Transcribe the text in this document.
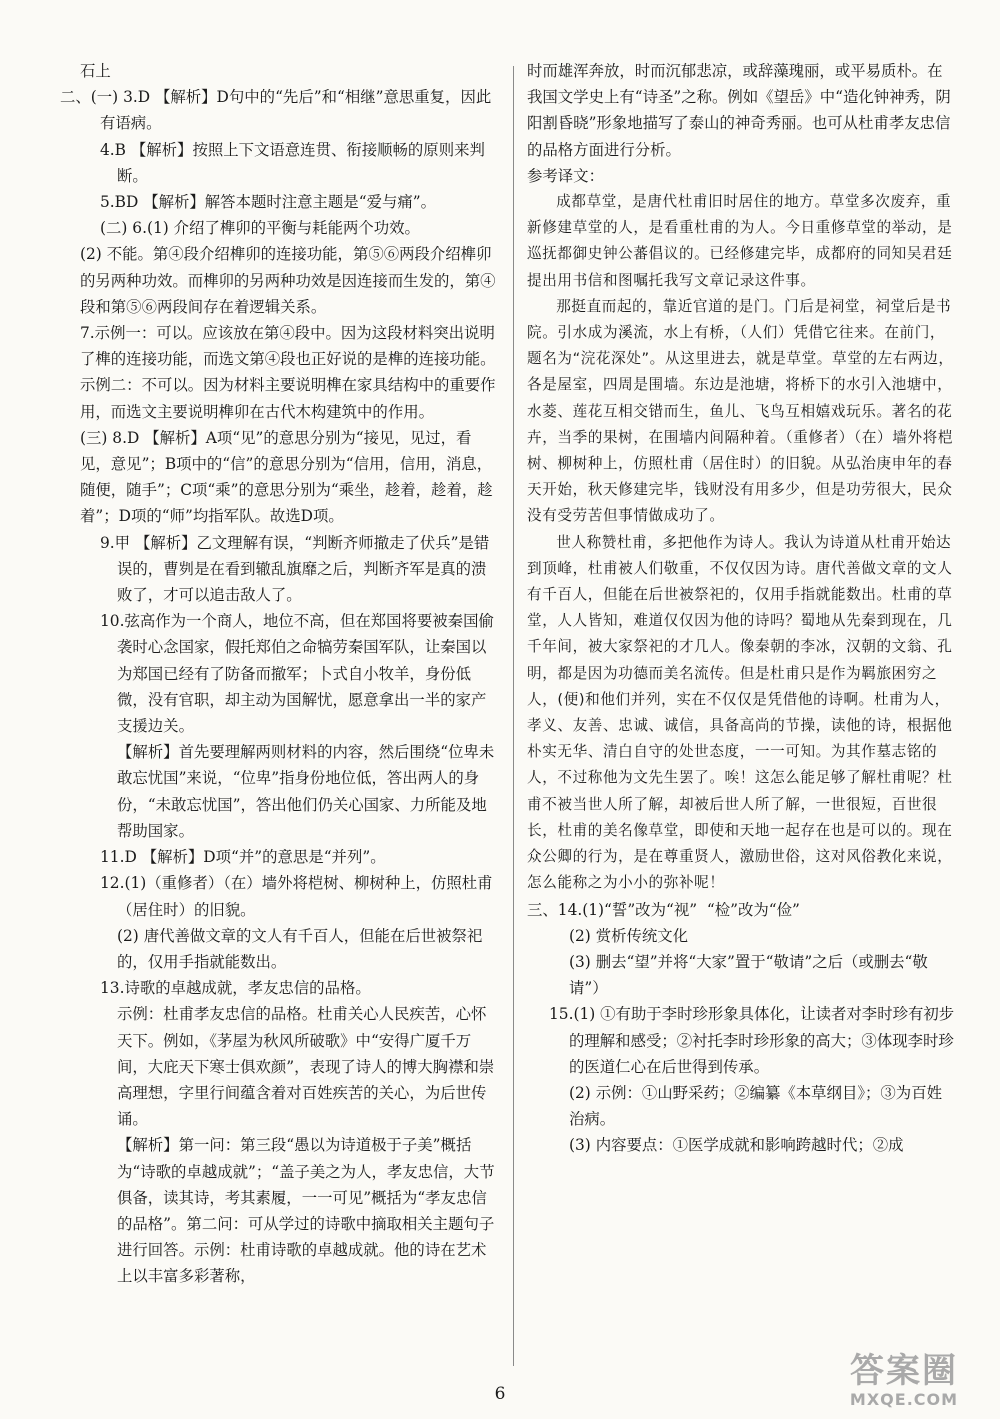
石上
二、(一) 3.D 【解析】D句中的“先后”和“相继”意思重复，因此有语病。
4.B 【解析】按照上下文语意连贯、衔接顺畅的原则来判断。
5.BD 【解析】解答本题时注意主题是“爱与痛”。
(二) 6.(1) 介绍了榫卯的平衡与耗能两个功效。
(2) 不能。第④段介绍榫卯的连接功能，第⑤⑥两段介绍榫卯的另两种功效。而榫卯的另两种功效是因连接而生发的，第④段和第⑤⑥两段间存在着逻辑关系。
7.示例一：可以。应该放在第④段中。因为这段材料突出说明了榫的连接功能，而选文第④段也正好说的是榫的连接功能。
示例二：不可以。因为材料主要说明榫在家具结构中的重要作用，而选文主要说明榫卯在古代木构建筑中的作用。
(三) 8.D 【解析】A项“见”的意思分别为“接见，见过，看见，意见”；B项中的“信”的意思分别为“信用，信用，消息，随便，随手”；C项“乘”的意思分别为“乘坐，趁着，趁着，趁着”；D项的“师”均指军队。故选D项。
9.甲 【解析】乙文理解有误，“判断齐师撤走了伏兵”是错误的，曹刿是在看到辙乱旗靡之后，判断齐军是真的溃败了，才可以追击敌人了。
10.弦高作为一个商人，地位不高，但在郑国将要被秦国偷袭时心念国家，假托郑伯之命犒劳秦国军队，让秦国以为郑国已经有了防备而撤军；卜式自小牧羊，身份低微，没有官职，却主动为国解忧，愿意拿出一半的家产支援边关。
【解析】首先要理解两则材料的内容，然后围绕“位卑未敢忘忧国”来说，“位卑”指身份地位低，答出两人的身份，“未敢忘忧国”，答出他们仍关心国家、力所能及地帮助国家。
11.D 【解析】D项“并”的意思是“并列”。
12.(1)（重修者）（在）墙外将桤树、柳树种上，仿照杜甫（居住时）的旧貌。
(2) 唐代善做文章的文人有千百人，但能在后世被祭祀的，仅用手指就能数出。
13.诗歌的卓越成就，孝友忠信的品格。
示例：杜甫孝友忠信的品格。杜甫关心人民疾苦，心怀天下。例如，《茅屋为秋风所破歌》中“安得广厦千万间，大庇天下寒士俱欢颜”，表现了诗人的博大胸襟和崇高理想，字里行间蕴含着对百姓疾苦的关心，为后世传诵。
【解析】第一问：第三段“愚以为诗道极于子美”概括为“诗歌的卓越成就”；“盖子美之为人，孝友忠信，大节俱备，读其诗，考其素履，一一可见”概括为“孝友忠信的品格”。第二问：可从学过的诗歌中摘取相关主题句子进行回答。示例：杜甫诗歌的卓越成就。他的诗在艺术上以丰富多彩著称，
时而雄浑奔放，时而沉郁悲凉，或辞藻瑰丽，或平易质朴。在我国文学史上有“诗圣”之称。例如《望岳》中“造化钟神秀，阴阳割昏晓”形象地描写了泰山的神奇秀丽。也可从杜甫孝友忠信的品格方面进行分析。
参考译文：
成都草堂，是唐代杜甫旧时居住的地方。草堂多次废弃，重新修建草堂的人，是看重杜甫的为人。今日重修草堂的举动，是巡抚都御史钟公蕃倡议的。已经修建完毕，成都府的同知吴君廷提出用书信和图嘱托我写文章记录这件事。
那挺直而起的，靠近官道的是门。门后是祠堂，祠堂后是书院。引水成为溪流，水上有桥，（人们）凭借它往来。在前门，题名为“浣花深处”。从这里进去，就是草堂。草堂的左右两边，各是屋室，四周是围墙。东边是池塘，将桥下的水引入池塘中，水菱、莲花互相交错而生，鱼儿、飞鸟互相嬉戏玩乐。著名的花卉，当季的果树，在围墙内间隔种着。（重修者）（在）墙外将桤树、柳树种上，仿照杜甫（居住时）的旧貌。从弘治庚申年的春天开始，秋天修建完毕，钱财没有用多少，但是功劳很大，民众没有受劳苦但事情做成功了。
世人称赞杜甫，多把他作为诗人。我认为诗道从杜甫开始达到顶峰，杜甫被人们敬重，不仅仅因为诗。唐代善做文章的文人有千百人，但能在后世被祭祀的，仅用手指就能数出。杜甫的草堂，人人皆知，难道仅仅因为他的诗吗？蜀地从先秦到现在，几千年间，被大家祭祀的才几人。像秦朝的李冰，汉朝的文翁、孔明，都是因为功德而美名流传。但是杜甫只是作为羁旅困穷之人，(便)和他们并列，实在不仅仅是凭借他的诗啊。杜甫为人，孝义、友善、忠诚、诚信，具备高尚的节操，读他的诗，根据他朴实无华、清白自守的处世态度，一一可知。为其作墓志铭的人，不过称他为文先生罢了。唉！这怎么能足够了解杜甫呢？杜甫不被当世人所了解，却被后世人所了解，一世很短，百世很长，杜甫的美名像草堂，即使和天地一起存在也是可以的。现在众公卿的行为，是在尊重贤人，激励世俗，这对风俗教化来说，怎么能称之为小小的弥补呢！
三、14.(1)“誓”改为“视”  “检”改为“俭”
(2) 赏析传统文化
(3) 删去“望”并将“大家”置于“敬请”之后（或删去“敬请”）
15.(1) ①有助于李时珍形象具体化，让读者对李时珍有初步的理解和感受；②衬托李时珍形象的高大；③体现李时珍的医道仁心在后世得到传承。
(2) 示例：①山野采药；②编纂《本草纲目》；③为百姓治病。
(3) 内容要点：①医学成就和影响跨越时代；②成
6
答案圈
MXQE.COM
